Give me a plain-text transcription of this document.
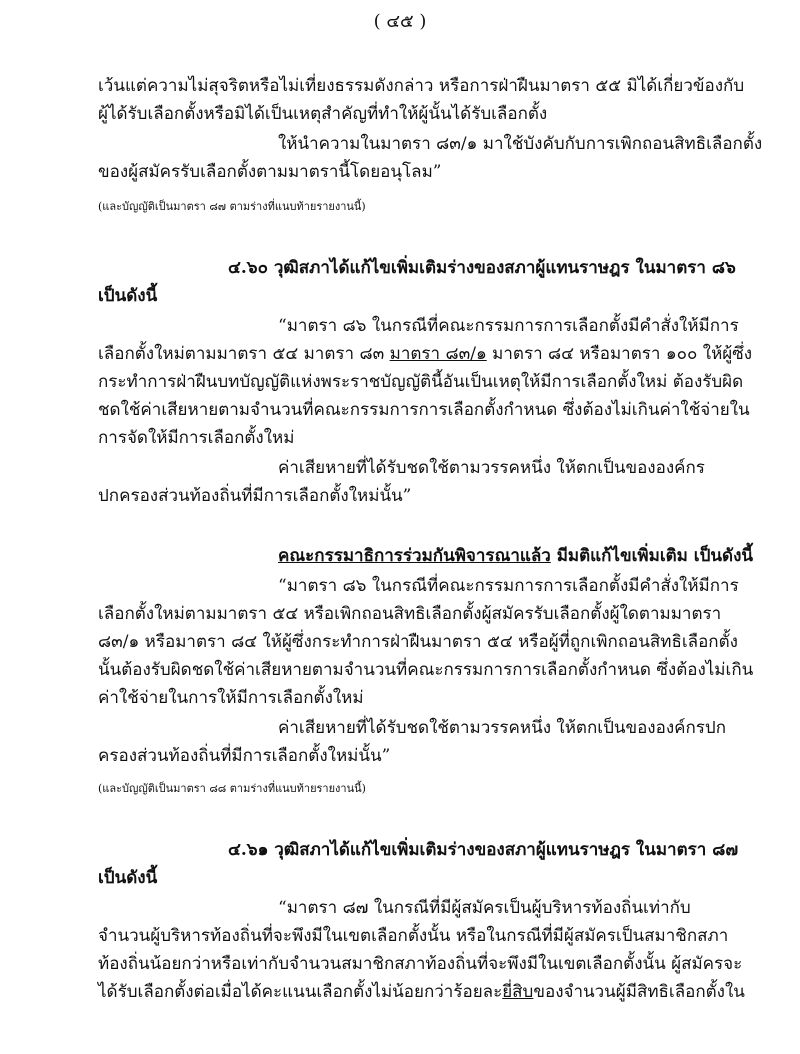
( ๔๕ )
เว้นแต่ความไม่สุจริตหรือไม่เที่ยงธรรมดังกล่าว หรือการฝ่าฝืนมาตรา ๕๕ มิได้เกี่ยวข้องกับ
ผู้ได้รับเลือกตั้งหรือมิได้เป็นเหตุสำคัญที่ทำให้ผู้นั้นได้รับเลือกตั้ง
ให้นำความในมาตรา ๘๓/๑ มาใช้บังคับกับการเพิกถอนสิทธิเลือกตั้ง
ของผู้สมัครรับเลือกตั้งตามมาตรานี้โดยอนุโลม”
(และบัญญัติเป็นมาตรา ๘๗ ตามร่างที่แนบท้ายรายงานนี้)
๔.๖๐ วุฒิสภาได้แก้ไขเพิ่มเติมร่างของสภาผู้แทนราษฎร ในมาตรา ๘๖
เป็นดังนี้
“มาตรา ๘๖ ในกรณีที่คณะกรรมการการเลือกตั้งมีคำสั่งให้มีการ
เลือกตั้งใหม่ตามมาตรา ๕๔ มาตรา ๘๓ มาตรา ๘๓/๑ มาตรา ๘๔ หรือมาตรา ๑๐๐ ให้ผู้ซึ่ง
กระทำการฝ่าฝืนบทบัญญัติแห่งพระราชบัญญัตินี้อันเป็นเหตุให้มีการเลือกตั้งใหม่ ต้องรับผิด
ชดใช้ค่าเสียหายตามจำนวนที่คณะกรรมการการเลือกตั้งกำหนด ซึ่งต้องไม่เกินค่าใช้จ่ายใน
การจัดให้มีการเลือกตั้งใหม่
ค่าเสียหายที่ได้รับชดใช้ตามวรรคหนึ่ง ให้ตกเป็นขององค์กร
ปกครองส่วนท้องถิ่นที่มีการเลือกตั้งใหม่นั้น”
คณะกรรมาธิการร่วมกันพิจารณาแล้ว มีมติแก้ไขเพิ่มเติม เป็นดังนี้
“มาตรา ๘๖ ในกรณีที่คณะกรรมการการเลือกตั้งมีคำสั่งให้มีการ
เลือกตั้งใหม่ตามมาตรา ๕๔ หรือเพิกถอนสิทธิเลือกตั้งผู้สมัครรับเลือกตั้งผู้ใดตามมาตรา
๘๓/๑ หรือมาตรา ๘๔ ให้ผู้ซึ่งกระทำการฝ่าฝืนมาตรา ๕๔ หรือผู้ที่ถูกเพิกถอนสิทธิเลือกตั้ง
นั้นต้องรับผิดชดใช้ค่าเสียหายตามจำนวนที่คณะกรรมการการเลือกตั้งกำหนด ซึ่งต้องไม่เกิน
ค่าใช้จ่ายในการให้มีการเลือกตั้งใหม่
ค่าเสียหายที่ได้รับชดใช้ตามวรรคหนึ่ง ให้ตกเป็นขององค์กรปก
ครองส่วนท้องถิ่นที่มีการเลือกตั้งใหม่นั้น”
(และบัญญัติเป็นมาตรา ๘๘ ตามร่างที่แนบท้ายรายงานนี้)
๔.๖๑ วุฒิสภาได้แก้ไขเพิ่มเติมร่างของสภาผู้แทนราษฎร ในมาตรา ๘๗
เป็นดังนี้
“มาตรา ๘๗ ในกรณีที่มีผู้สมัครเป็นผู้บริหารท้องถิ่นเท่ากับ
จำนวนผู้บริหารท้องถิ่นที่จะพึงมีในเขตเลือกตั้งนั้น หรือในกรณีที่มีผู้สมัครเป็นสมาชิกสภา
ท้องถิ่นน้อยกว่าหรือเท่ากับจำนวนสมาชิกสภาท้องถิ่นที่จะพึงมีในเขตเลือกตั้งนั้น ผู้สมัครจะ
ได้รับเลือกตั้งต่อเมื่อได้คะแนนเลือกตั้งไม่น้อยกว่าร้อยละยี่สิบของจำนวนผู้มีสิทธิเลือกตั้งใน
